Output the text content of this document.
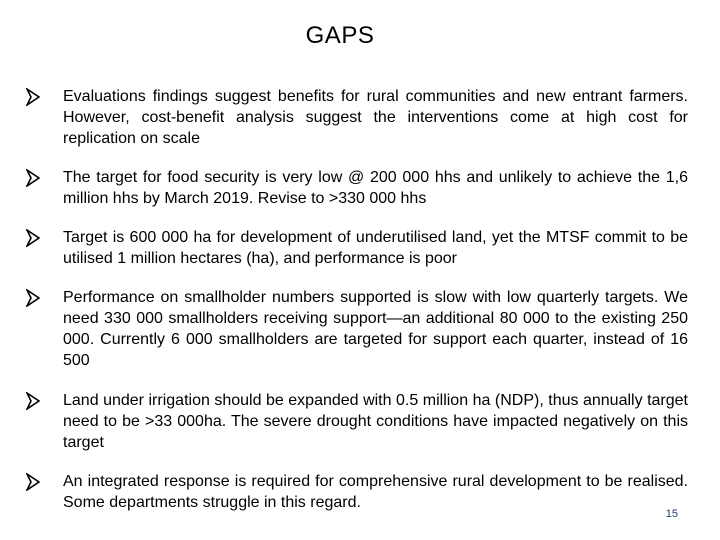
GAPS
Evaluations findings suggest benefits for rural communities and new entrant farmers. However, cost-benefit analysis suggest the interventions come at high cost for replication on scale
The target for food security is very low @ 200 000 hhs and unlikely to achieve the 1,6 million hhs by March 2019. Revise to >330 000 hhs
Target is 600 000 ha for development of underutilised land, yet the MTSF commit to be utilised 1 million hectares (ha), and performance is poor
Performance on smallholder numbers supported is slow with low quarterly targets. We need 330 000 smallholders receiving support—an additional 80 000 to the existing 250 000. Currently 6 000 smallholders are targeted for support each quarter, instead of 16 500
Land under irrigation should be expanded with 0.5 million ha (NDP), thus annually target need to be >33 000ha. The severe drought conditions have impacted negatively on this target
An integrated response is required for comprehensive rural development to be realised. Some departments struggle in this regard.
15
